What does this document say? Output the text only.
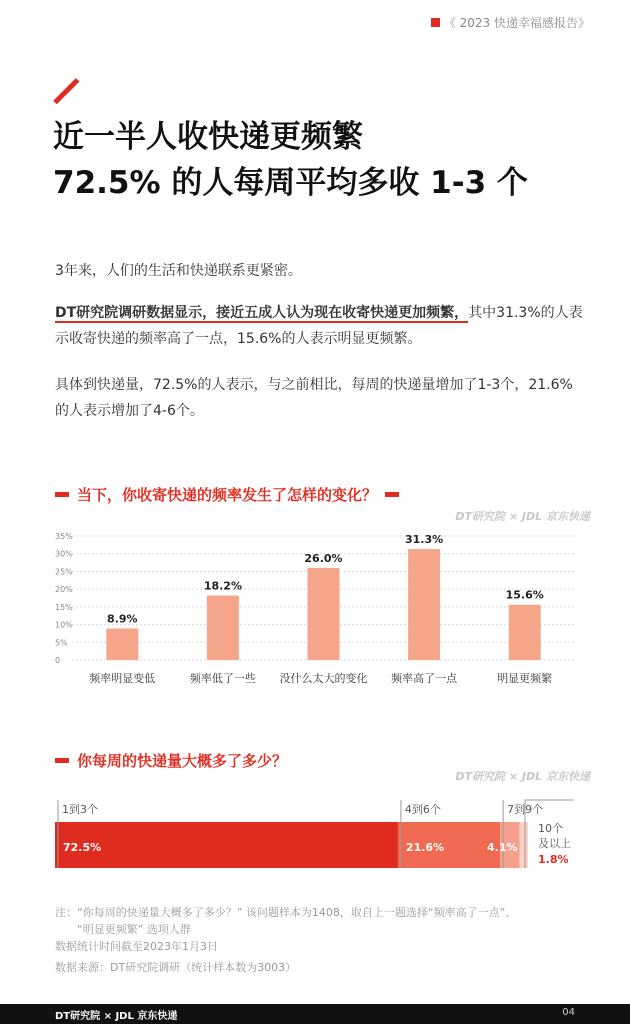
《 2023 快递幸福感报告》
近一半人收快递更频繁
72.5% 的人每周平均多收 1-3 个
3年来，人们的生活和快递联系更紧密。
DT研究院调研数据显示，接近五成人认为现在收寄快递更加频繁，其中31.3%的人表示收寄快递的频率高了一点，15.6%的人表示明显更频繁。
具体到快递量，72.5%的人表示，与之前相比，每周的快递量增加了1-3个，21.6%的人表示增加了4-6个。
当下，你收寄快递的频率发生了怎样的变化？
DT研究院 × JDL 京东快递
0
5%
10%
15%
20%
25%
30%
35%
8.9%
频率明显变低
18.2%
频率低了一些
26.0%
没什么太大的变化
31.3%
频率高了一点
15.6%
明显更频繁
你每周的快递量大概多了多少？
DT研究院 × JDL 京东快递
1到3个
72.5%
4到6个
21.6%
7到9个
4.1%
10个
及以上
1.8%
注：“你每周的快递量大概多了多少？” 该问题样本为1408，取自上一题选择“频率高了一点”、
“明显更频繁” 选项人群
数据统计时间截至2023年1月3日
数据来源：DT研究院调研（统计样本数为3003）
DT研究院 × JDL 京东快递	04
